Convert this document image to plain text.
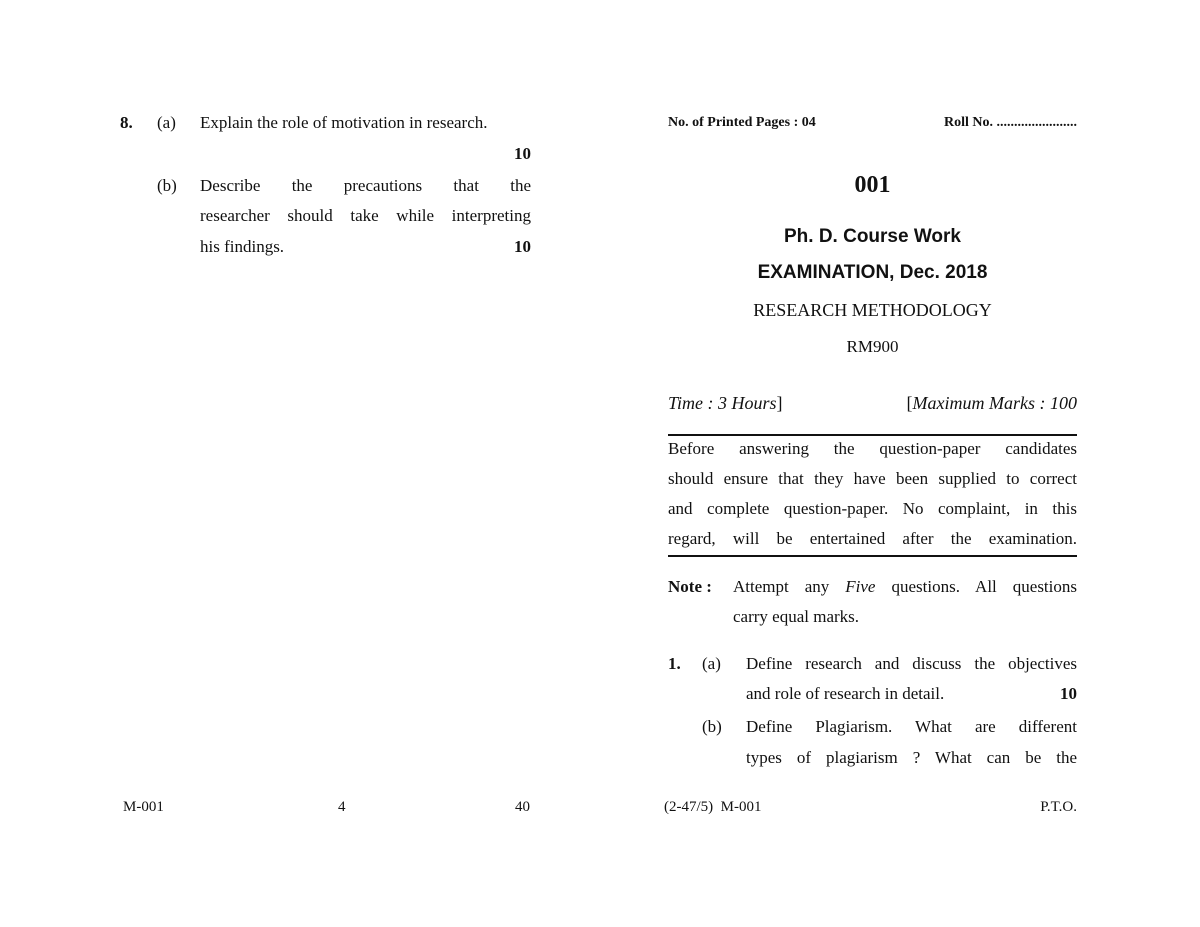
8. (a) Explain the role of motivation in research.
10
(b) Describe the precautions that the
researcher should take while interpreting
his findings.	10
M-001	4	40
No. of Printed Pages : 04	Roll No. .......................
001
Ph. D. Course Work
EXAMINATION, Dec. 2018
RESEARCH METHODOLOGY
RM900
Time : 3 Hours]	[Maximum Marks : 100
Before answering the question-paper candidates
should ensure that they have been supplied to correct
and complete question-paper. No complaint, in this
regard, will be entertained after the examination.
Note : Attempt any Five questions. All questions
carry equal marks.
1. (a) Define research and discuss the objectives
and role of research in detail.	10
(b) Define Plagiarism. What are different
types of plagiarism ? What can be the
(2-47/5)  M-001	P.T.O.
